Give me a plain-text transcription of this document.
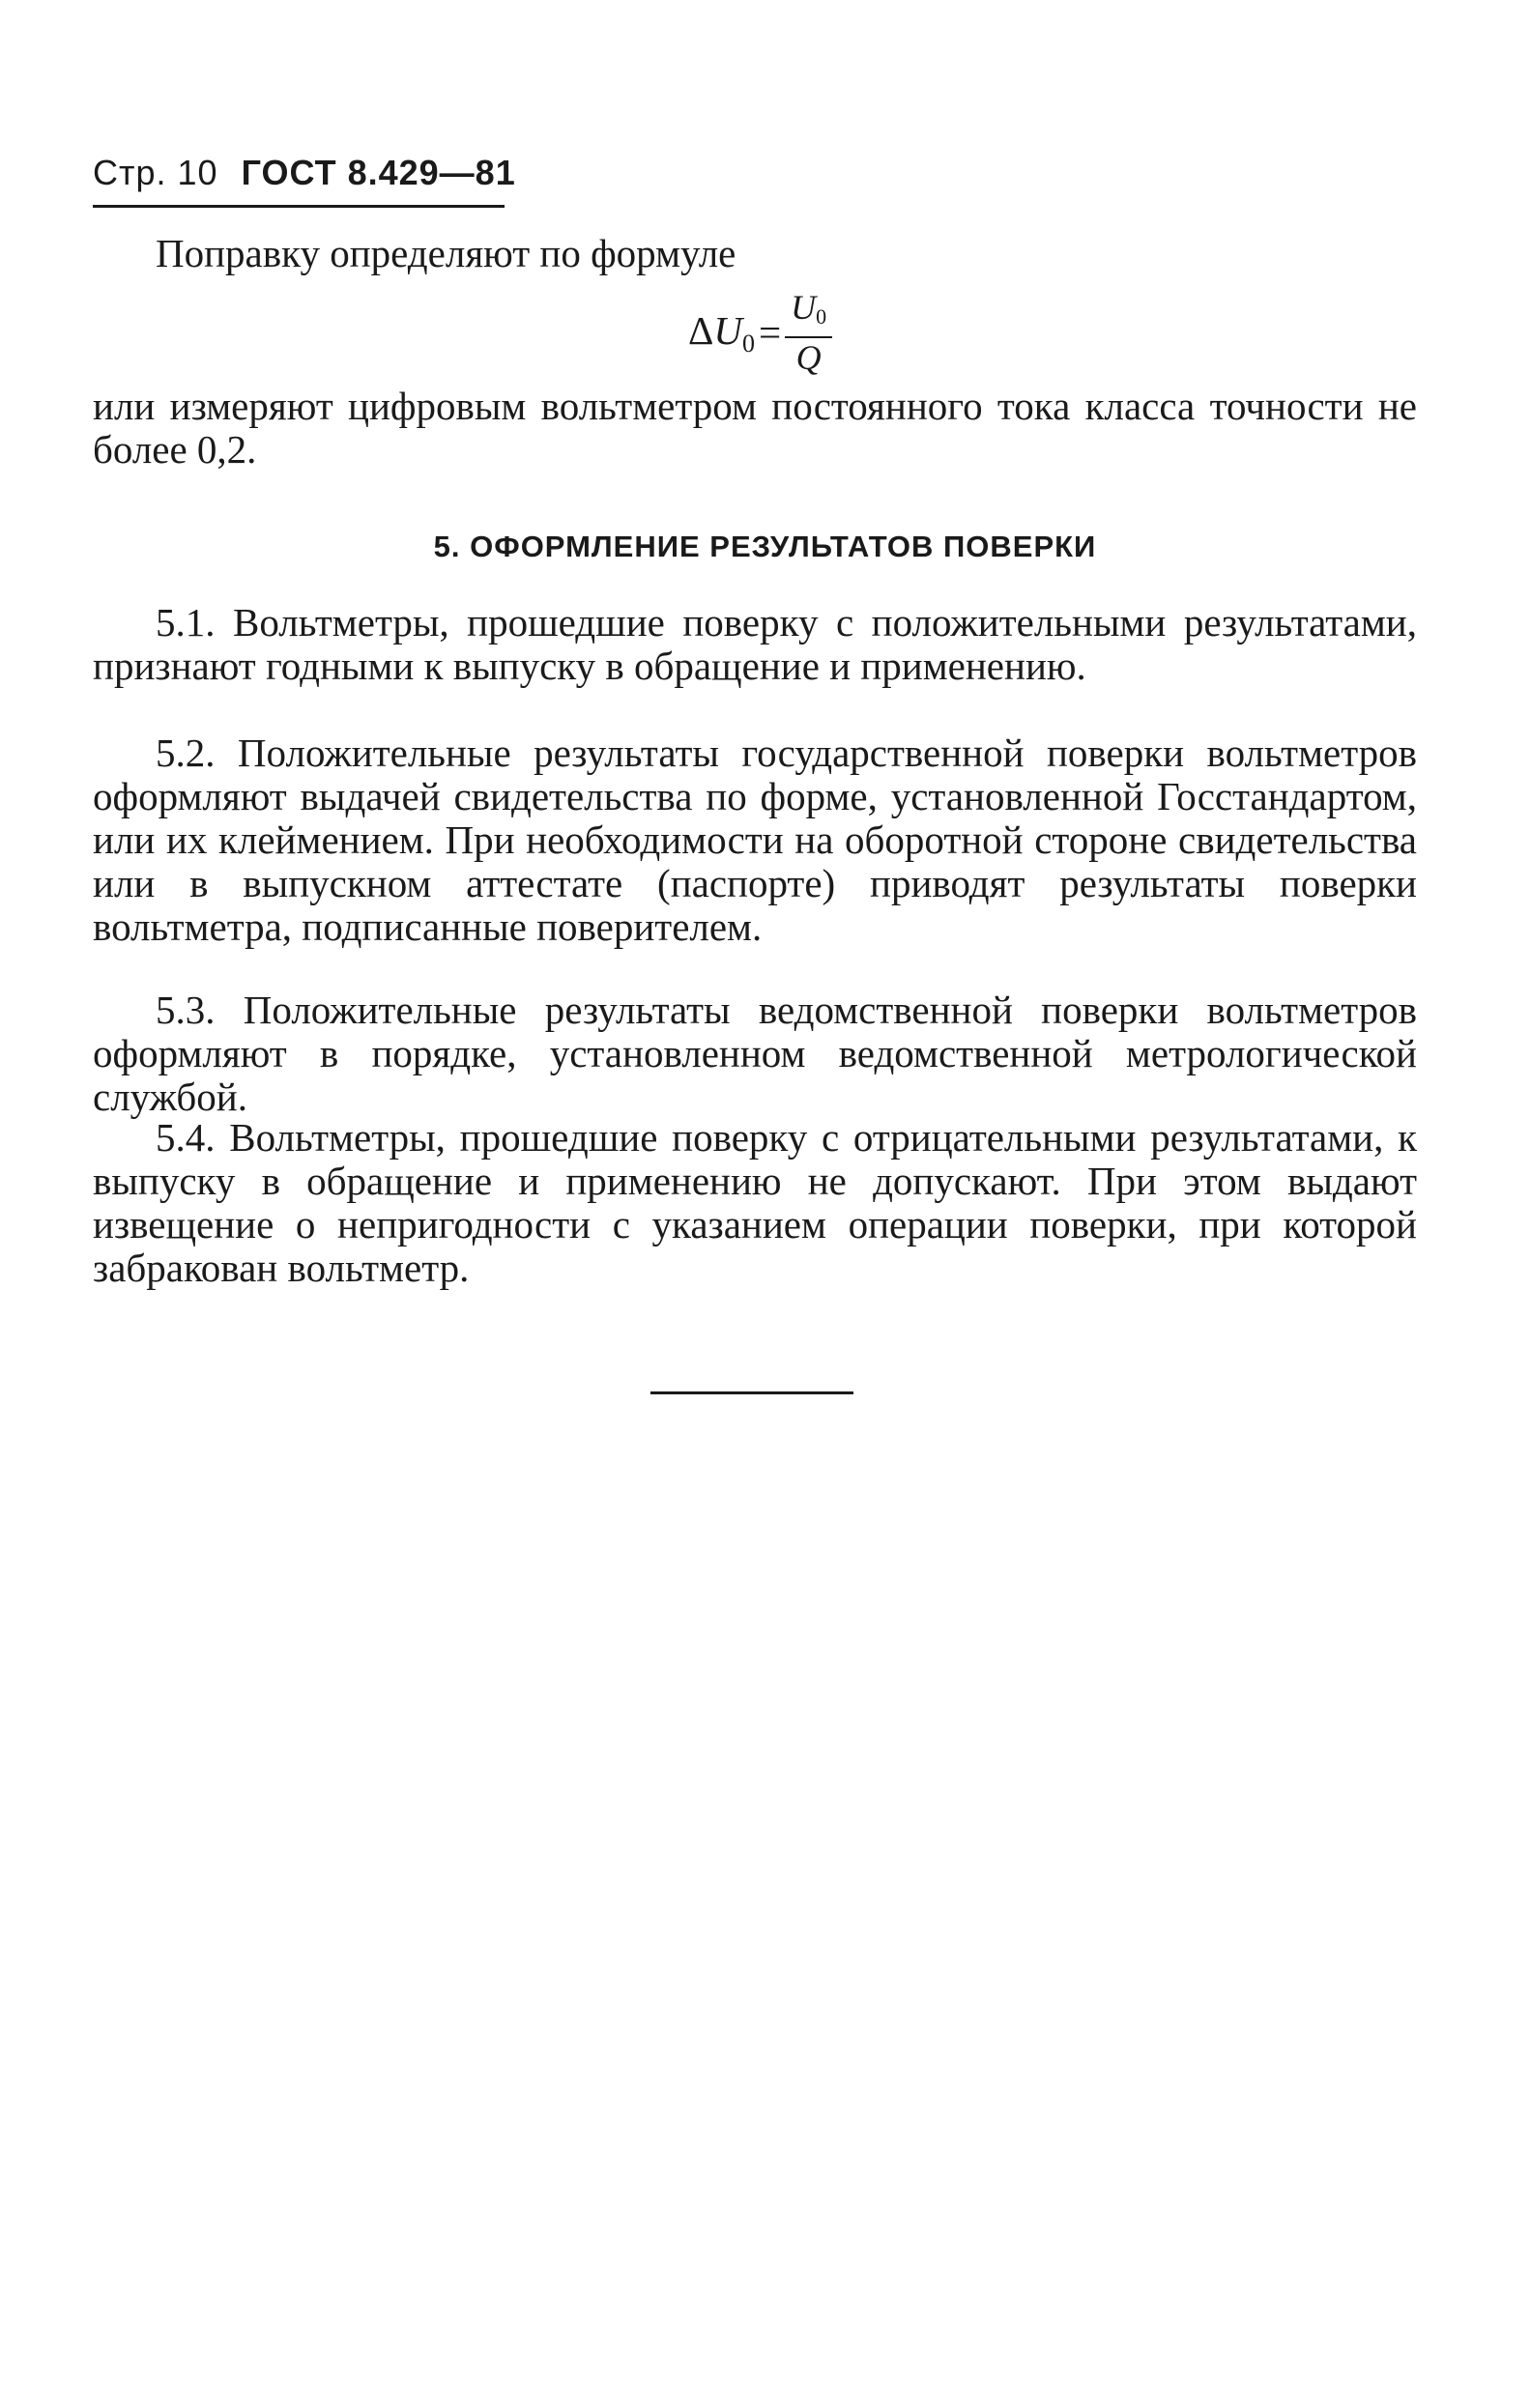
Стр. 10 ГОСТ 8.429—81

Поправку определяют по формуле

$\Delta U_0 = \frac{U_0}{Q}$

или измеряют цифровым вольтметром постоянного тока класса точности не более 0,2.

5. ОФОРМЛЕНИЕ РЕЗУЛЬТАТОВ ПОВЕРКИ

5.1. Вольтметры, прошедшие поверку с положительными результатами, признают годными к выпуску в обращение и применению.

5.2. Положительные результаты государственной поверки вольтметров оформляют выдачей свидетельства по форме, установленной Госстандартом, или их клеймением. При необходимости на оборотной стороне свидетельства или в выпускном аттестате (паспорте) приводят результаты поверки вольтметра, подписанные поверителем.

5.3. Положительные результаты ведомственной поверки вольтметров оформляют в порядке, установленном ведомственной метрологической службой.

5.4. Вольтметры, прошедшие поверку с отрицательными результатами, к выпуску в обращение и применению не допускают. При этом выдают извещение о непригодности с указанием операции поверки, при которой забракован вольтметр.
